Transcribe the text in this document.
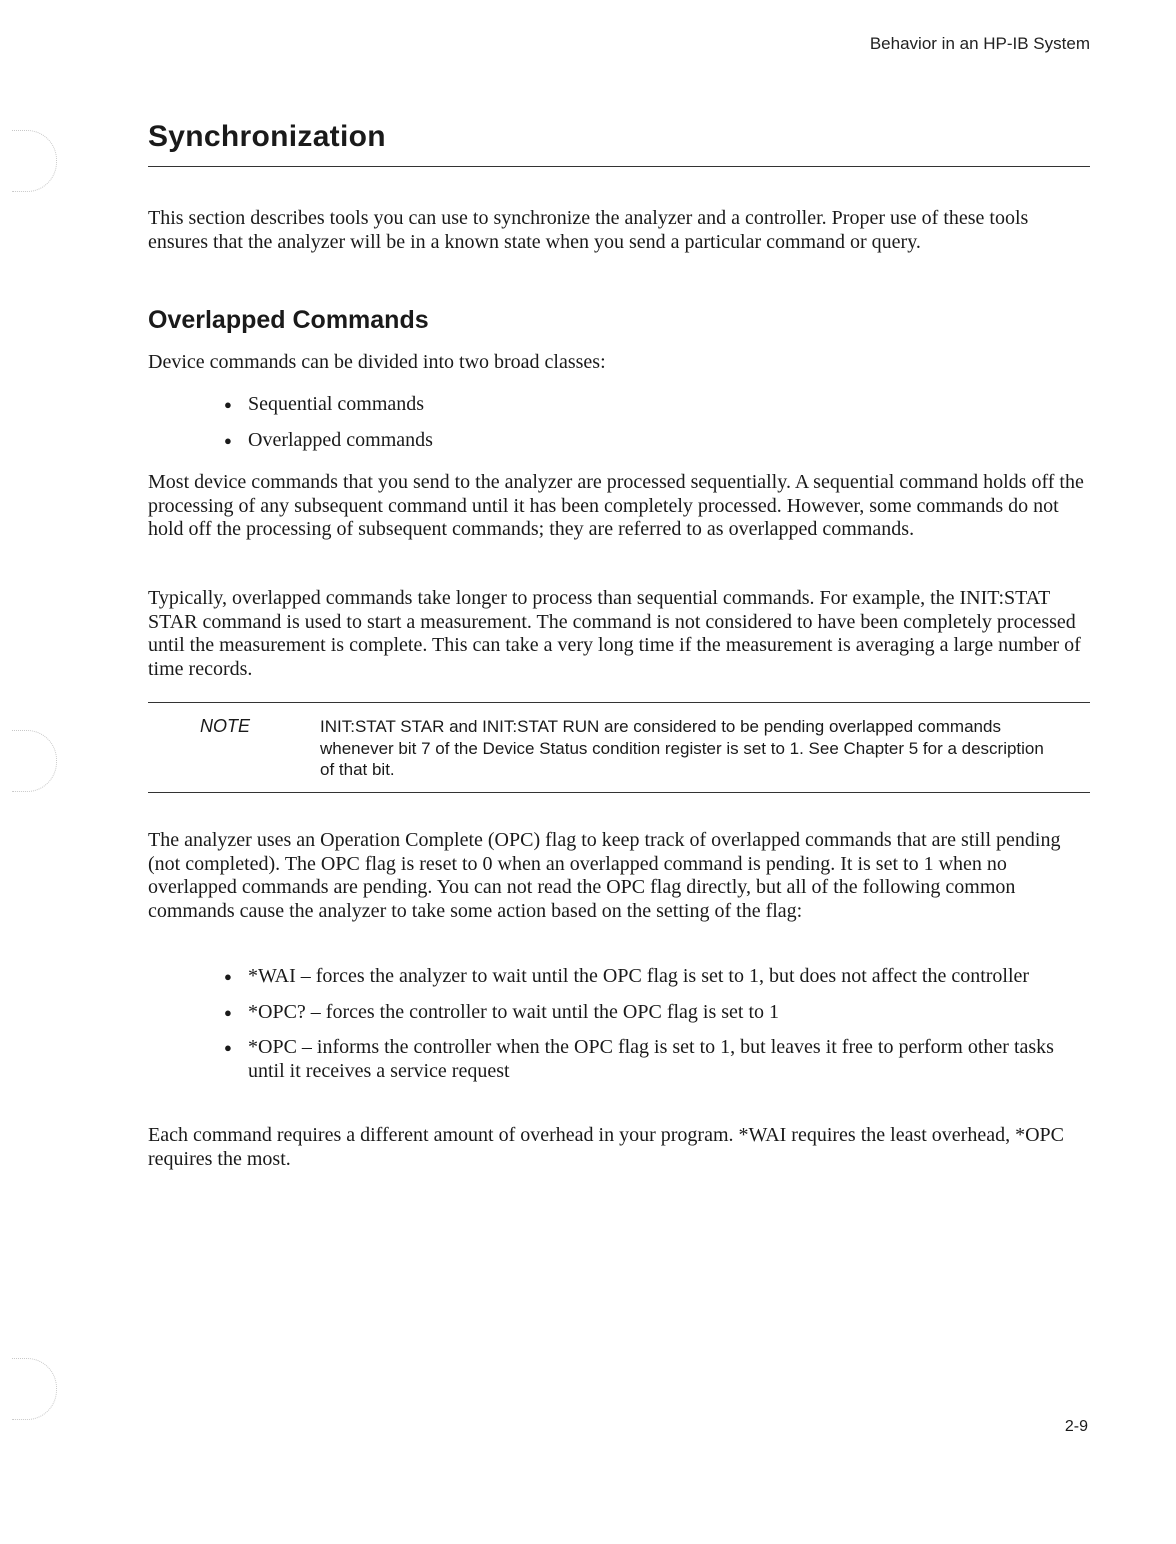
Behavior in an HP-IB System
Synchronization

This section describes tools you can use to synchronize the analyzer and a controller. Proper use of these tools ensures that the analyzer will be in a known state when you send a particular command or query.

Overlapped Commands

Device commands can be divided into two broad classes:

● Sequential commands
● Overlapped commands

Most device commands that you send to the analyzer are processed sequentially. A sequential command holds off the processing of any subsequent command until it has been completely processed. However, some commands do not hold off the processing of subsequent commands; they are referred to as overlapped commands.

Typically, overlapped commands take longer to process than sequential commands. For example, the INIT:STAT STAR command is used to start a measurement. The command is not considered to have been completely processed until the measurement is complete. This can take a very long time if the measurement is averaging a large number of time records.

NOTE	INIT:STAT STAR and INIT:STAT RUN are considered to be pending overlapped commands whenever bit 7 of the Device Status condition register is set to 1. See Chapter 5 for a description of that bit.

The analyzer uses an Operation Complete (OPC) flag to keep track of overlapped commands that are still pending (not completed). The OPC flag is reset to 0 when an overlapped command is pending. It is set to 1 when no overlapped commands are pending. You can not read the OPC flag directly, but all of the following common commands cause the analyzer to take some action based on the setting of the flag:

● *WAI – forces the analyzer to wait until the OPC flag is set to 1, but does not affect the controller
● *OPC? – forces the controller to wait until the OPC flag is set to 1
● *OPC – informs the controller when the OPC flag is set to 1, but leaves it free to perform other tasks until it receives a service request

Each command requires a different amount of overhead in your program. *WAI requires the least overhead, *OPC requires the most.

2-9
